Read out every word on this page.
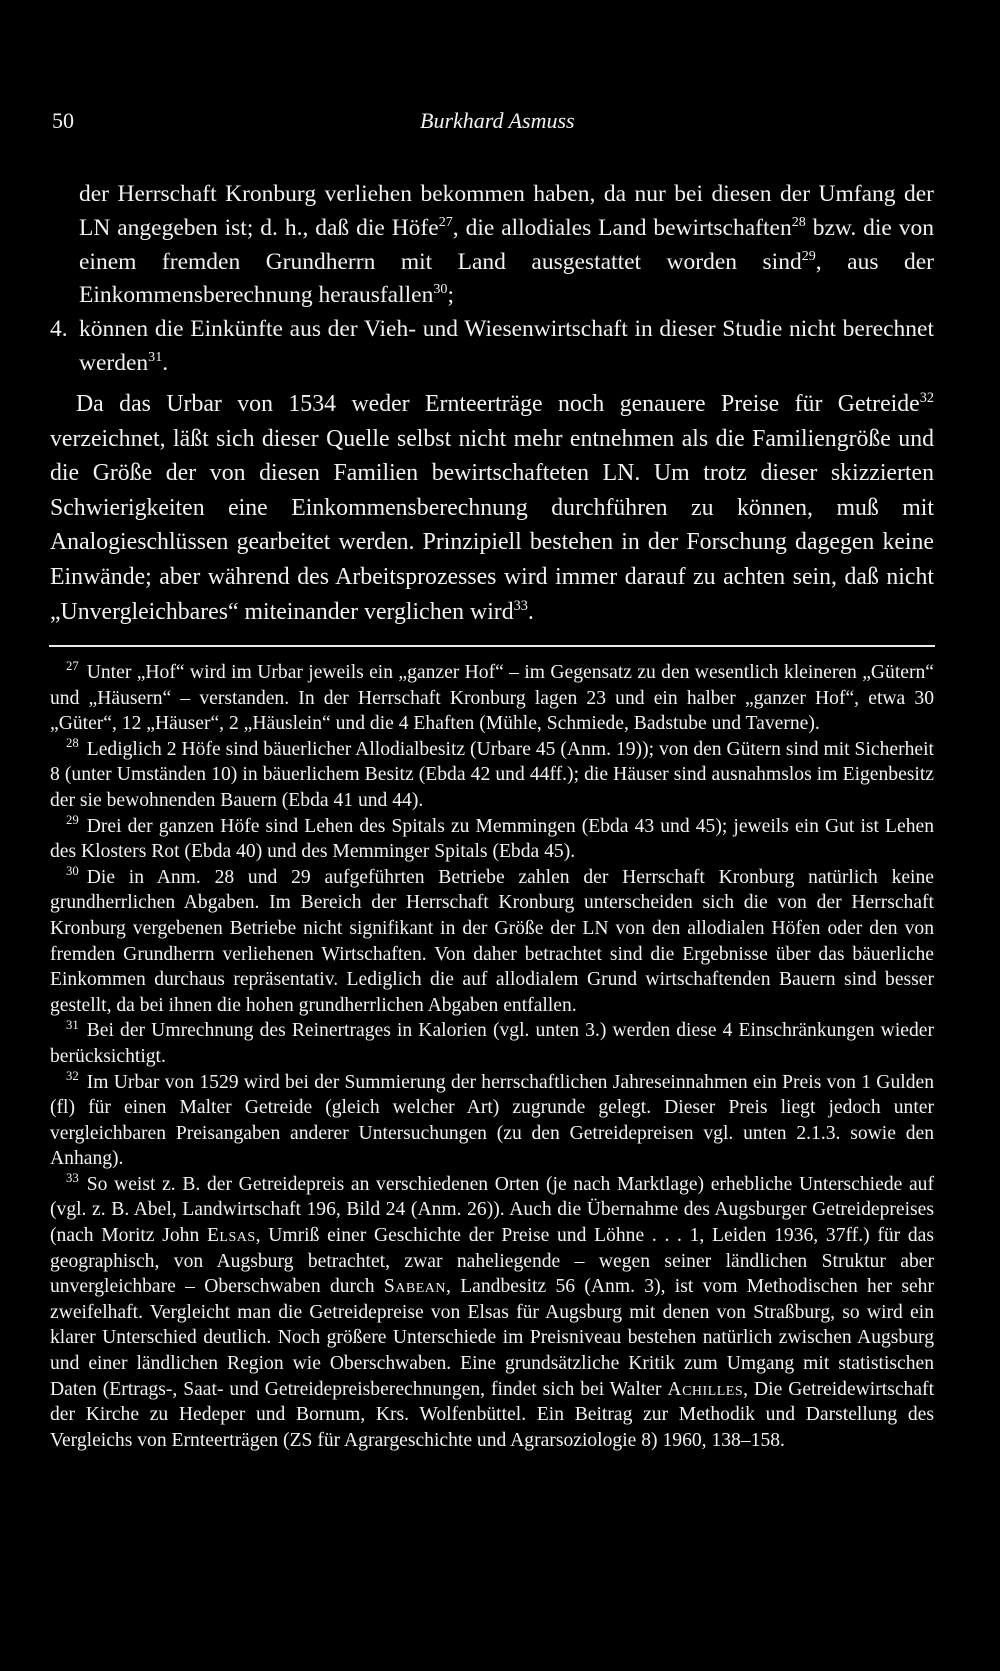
50	Burkhard Asmuss

der Herrschaft Kronburg verliehen bekommen haben, da nur bei diesen der Umfang der LN angegeben ist; d. h., daß die Höfe$^{27}$, die allodiales Land bewirtschaften$^{28}$ bzw. die von einem fremden Grundherrn mit Land ausgestattet worden sind$^{29}$, aus der Einkommensberechnung herausfallen$^{30}$;

4. können die Einkünfte aus der Vieh- und Wiesenwirtschaft in dieser Studie nicht berechnet werden$^{31}$.

Da das Urbar von 1534 weder Ernteerträge noch genauere Preise für Getreide$^{32}$ verzeichnet, läßt sich dieser Quelle selbst nicht mehr entnehmen als die Familiengröße und die Größe der von diesen Familien bewirtschafteten LN. Um trotz dieser skizzierten Schwierigkeiten eine Einkommensberechnung durchführen zu können, muß mit Analogieschlüssen gearbeitet werden. Prinzipiell bestehen in der Forschung dagegen keine Einwände; aber während des Arbeitsprozesses wird immer darauf zu achten sein, daß nicht „Unvergleichbares“ miteinander verglichen wird$^{33}$.

$^{27}$ Unter „Hof“ wird im Urbar jeweils ein „ganzer Hof“ – im Gegensatz zu den wesentlich kleineren „Gütern“ und „Häusern“ – verstanden. In der Herrschaft Kronburg lagen 23 und ein halber „ganzer Hof“, etwa 30 „Güter“, 12 „Häuser“, 2 „Häuslein“ und die 4 Ehaften (Mühle, Schmiede, Badstube und Taverne).

$^{28}$ Lediglich 2 Höfe sind bäuerlicher Allodialbesitz (Urbare 45 (Anm. 19)); von den Gütern sind mit Sicherheit 8 (unter Umständen 10) in bäuerlichem Besitz (Ebda 42 und 44ff.); die Häuser sind ausnahmslos im Eigenbesitz der sie bewohnenden Bauern (Ebda 41 und 44).

$^{29}$ Drei der ganzen Höfe sind Lehen des Spitals zu Memmingen (Ebda 43 und 45); jeweils ein Gut ist Lehen des Klosters Rot (Ebda 40) und des Memminger Spitals (Ebda 45).

$^{30}$ Die in Anm. 28 und 29 aufgeführten Betriebe zahlen der Herrschaft Kronburg natürlich keine grundherrlichen Abgaben. Im Bereich der Herrschaft Kronburg unterscheiden sich die von der Herrschaft Kronburg vergebenen Betriebe nicht signifikant in der Größe der LN von den allodialen Höfen oder den von fremden Grundherrn verliehenen Wirtschaften. Von daher betrachtet sind die Ergebnisse über das bäuerliche Einkommen durchaus repräsentativ. Lediglich die auf allodialem Grund wirtschaftenden Bauern sind besser gestellt, da bei ihnen die hohen grundherrlichen Abgaben entfallen.

$^{31}$ Bei der Umrechnung des Reinertrages in Kalorien (vgl. unten 3.) werden diese 4 Einschränkungen wieder berücksichtigt.

$^{32}$ Im Urbar von 1529 wird bei der Summierung der herrschaftlichen Jahreseinnahmen ein Preis von 1 Gulden (fl) für einen Malter Getreide (gleich welcher Art) zugrunde gelegt. Dieser Preis liegt jedoch unter vergleichbaren Preisangaben anderer Untersuchungen (zu den Getreidepreisen vgl. unten 2.1.3. sowie den Anhang).

$^{33}$ So weist z. B. der Getreidepreis an verschiedenen Orten (je nach Marktlage) erhebliche Unterschiede auf (vgl. z. B. Abel, Landwirtschaft 196, Bild 24 (Anm. 26)). Auch die Übernahme des Augsburger Getreidepreises (nach Moritz John Elsas, Umriß einer Geschichte der Preise und Löhne . . . 1, Leiden 1936, 37ff.) für das geographisch, von Augsburg betrachtet, zwar naheliegende – wegen seiner ländlichen Struktur aber unvergleichbare – Oberschwaben durch Sabean, Landbesitz 56 (Anm. 3), ist vom Methodischen her sehr zweifelhaft. Vergleicht man die Getreidepreise von Elsas für Augsburg mit denen von Straßburg, so wird ein klarer Unterschied deutlich. Noch größere Unterschiede im Preisniveau bestehen natürlich zwischen Augsburg und einer ländlichen Region wie Oberschwaben. Eine grundsätzliche Kritik zum Umgang mit statistischen Daten (Ertrags-, Saat- und Getreidepreisberechnungen, findet sich bei Walter Achilles, Die Getreidewirtschaft der Kirche zu Hedeper und Bornum, Krs. Wolfenbüttel. Ein Beitrag zur Methodik und Darstellung des Vergleichs von Ernteerträgen (ZS für Agrargeschichte und Agrarsoziologie 8) 1960, 138–158.
